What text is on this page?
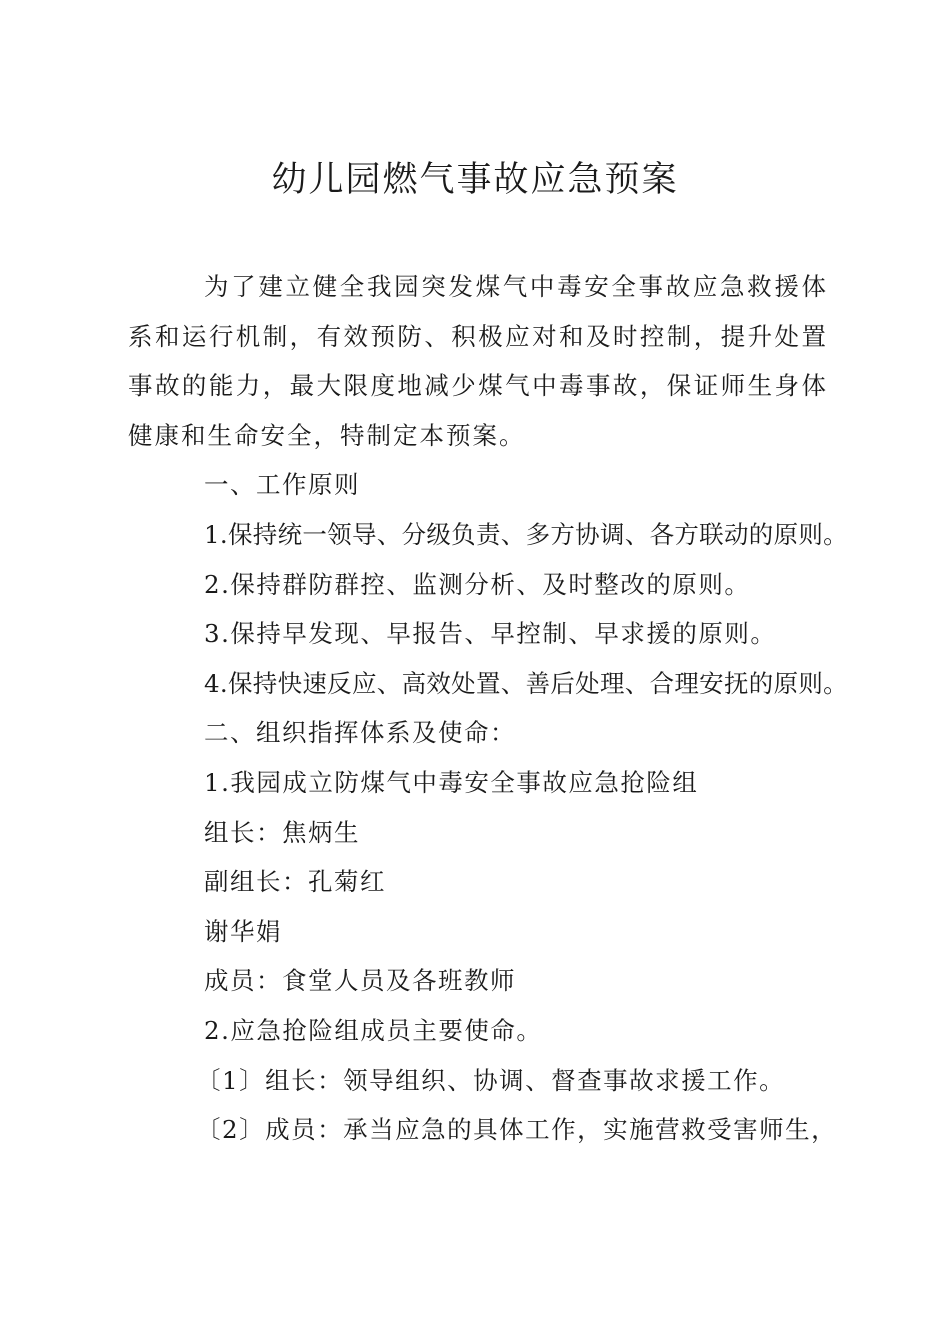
幼儿园燃气事故应急预案

为了建立健全我园突发煤气中毒安全事故应急救援体系和运行机制，有效预防、积极应对和及时控制，提升处置事故的能力，最大限度地减少煤气中毒事故，保证师生身体健康和生命安全，特制定本预案。

一、工作原则

1.保持统一领导、分级负责、多方协调、各方联动的原则。

2.保持群防群控、监测分析、及时整改的原则。

3.保持早发现、早报告、早控制、早求援的原则。

4.保持快速反应、高效处置、善后处理、合理安抚的原则。

二、组织指挥体系及使命：

1.我园成立防煤气中毒安全事故应急抢险组

组长：焦炳生

副组长：孔菊红

谢华娟

成员：食堂人员及各班教师

2.应急抢险组成员主要使命。

〔1〕组长：领导组织、协调、督查事故求援工作。

〔2〕成员：承当应急的具体工作，实施营救受害师生，
